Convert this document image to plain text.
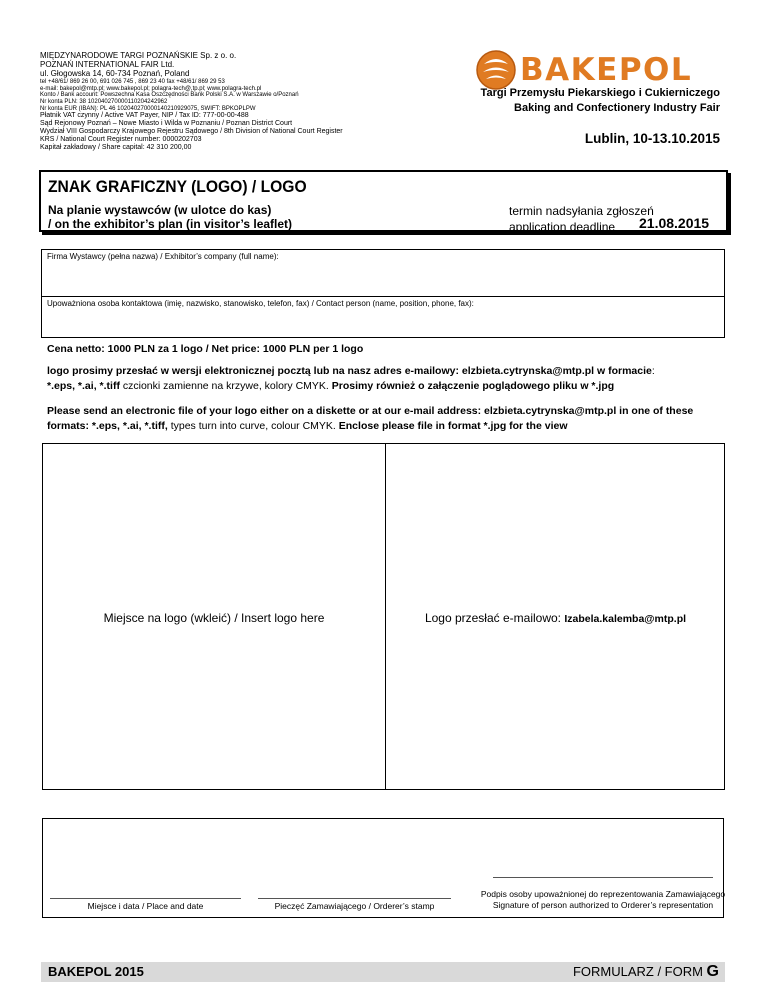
MIĘDZYNARODOWE TARGI POZNAŃSKIE Sp. z o. o.
POZNAŃ INTERNATIONAL FAIR Ltd.
ul. Głogowska 14, 60-734 Poznań, Poland
tel +48/61/ 869 26 00, 691 026 745 , 869 23 40 fax +48/61/ 869 29 53
e-mail: bakepol@mtp.pl; www.bakepol.pl; polagra-tech@,tp.pl; www.polagra-tech.pl
Konto / Bank account: Powszechna Kasa Oszczędności Bank Polski S.A. w Warszawie o/Poznań
Nr konta PLN: 38 102040270000110204242962
Nr konta EUR (IBAN): PL 46 102040270000140210929075, SWIFT: BPKOPLPW
Płatnik VAT czynny / Active VAT Payer, NIP / Tax ID: 777-00-00-488
Sąd Rejonowy Poznań – Nowe Miasto i Wilda w Poznaniu / Poznan District Court
Wydział VIII Gospodarczy Krajowego Rejestru Sądowego / 8th Division of National Court Register
KRS / National Court Register number: 0000202703
Kapitał zakładowy / Share capital: 42 310 200,00
BAKEPOL
Targi Przemysłu Piekarskiego i Cukierniczego
Baking and Confectionery Industry Fair
Lublin, 10-13.10.2015
ZNAK GRAFICZNY (LOGO) / LOGO
Na planie wystawców (w ulotce do kas)
/ on the exhibitor’s plan (in visitor’s leaflet)
termin nadsyłania zgłoszeń
application deadline	21.08.2015
Firma Wystawcy (pełna nazwa) / Exhibitor’s company (full name):
Upoważniona osoba kontaktowa (imię, nazwisko, stanowisko, telefon, fax) / Contact person (name, position, phone, fax):
Cena netto: 1000 PLN za 1 logo / Net price: 1000 PLN per 1 logo
logo prosimy przesłać w wersji elektronicznej pocztą lub na nasz adres e-mailowy: elzbieta.cytrynska@mtp.pl w formacie:
*.eps, *.ai, *.tiff czcionki zamienne na krzywe, kolory CMYK. Prosimy również o załączenie poglądowego pliku w *.jpg
Please send an electronic file of your logo either on a diskette or at our e-mail address: elzbieta.cytrynska@mtp.pl in one of these formats: *.eps, *.ai, *.tiff, types turn into curve, colour CMYK. Enclose please file in format *.jpg for the view
Miejsce na logo (wkleić) / Insert logo here	Logo przesłać e-mailowo: Izabela.kalemba@mtp.pl
Miejsce i data / Place and date	Pieczęć Zamawiającego / Orderer’s stamp
Podpis osoby upoważnionej do reprezentowania Zamawiającego
Signature of person authorized to Orderer’s representation
BAKEPOL 2015	FORMULARZ / FORM G
